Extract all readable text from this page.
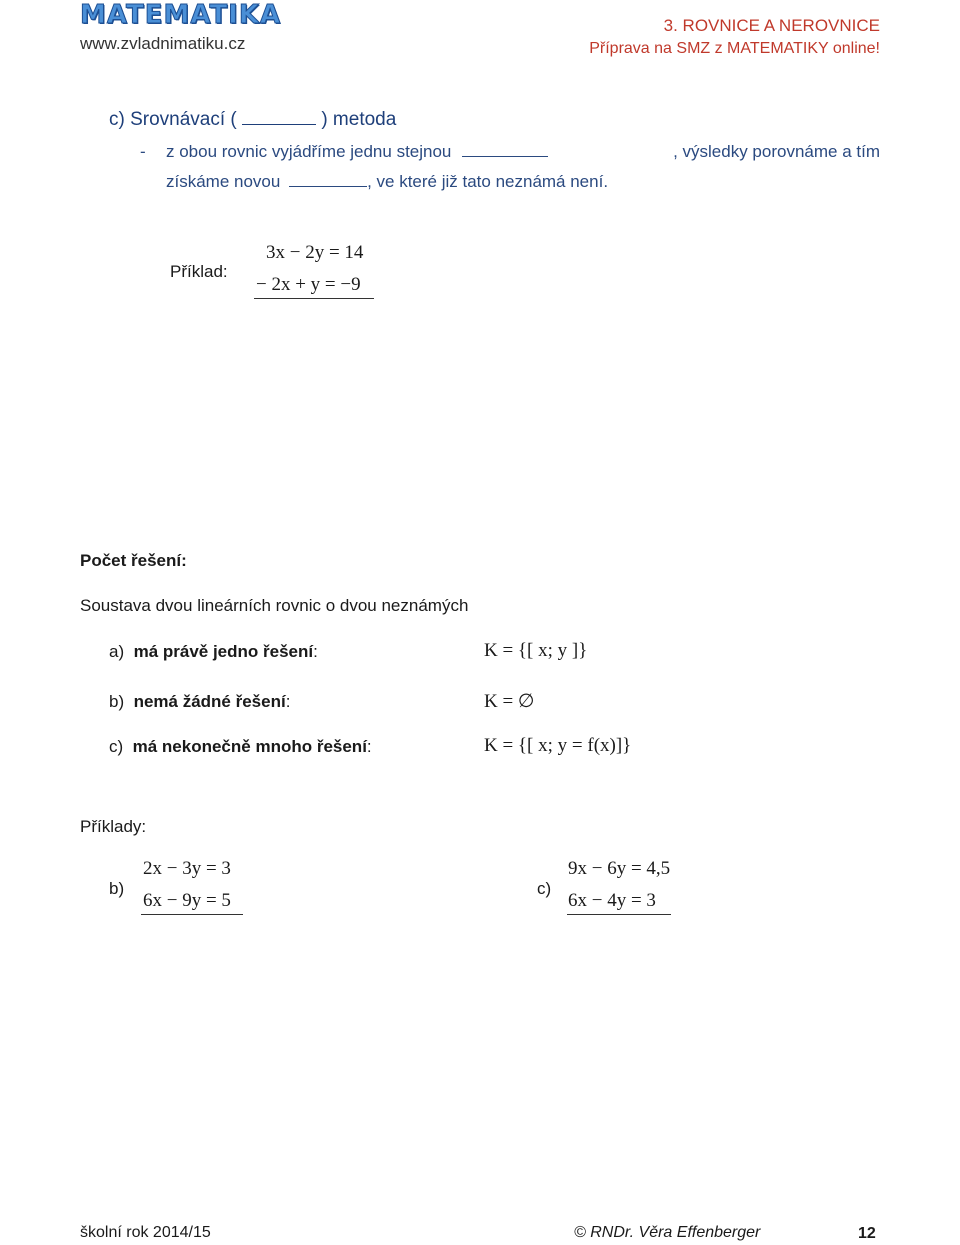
MATEMATIKA
www.zvladnimatiku.cz
3. ROVNICE A NEROVNICE
Příprava na SMZ z MATEMATIKY online!
c) Srovnávací (	) metoda
- z obou rovnic vyjádříme jednu stejnou	, výsledky porovnáme a tím
získáme novou	, ve které již tato neznámá není.
Příklad:
3x − 2y = 14
− 2x + y = −9
Počet řešení:
Soustava dvou lineárních rovnic o dvou neznámých
a) má právě jedno řešení:	K = {[ x; y ]}
b) nemá žádné řešení:	K = ∅
c) má nekonečně mnoho řešení:	K = {[ x; y = f(x)]}
Příklady:
b)
2x − 3y = 3
6x − 9y = 5
c)
9x − 6y = 4,5
6x − 4y = 3
školní rok 2014/15	© RNDr. Věra Effenberger	12
